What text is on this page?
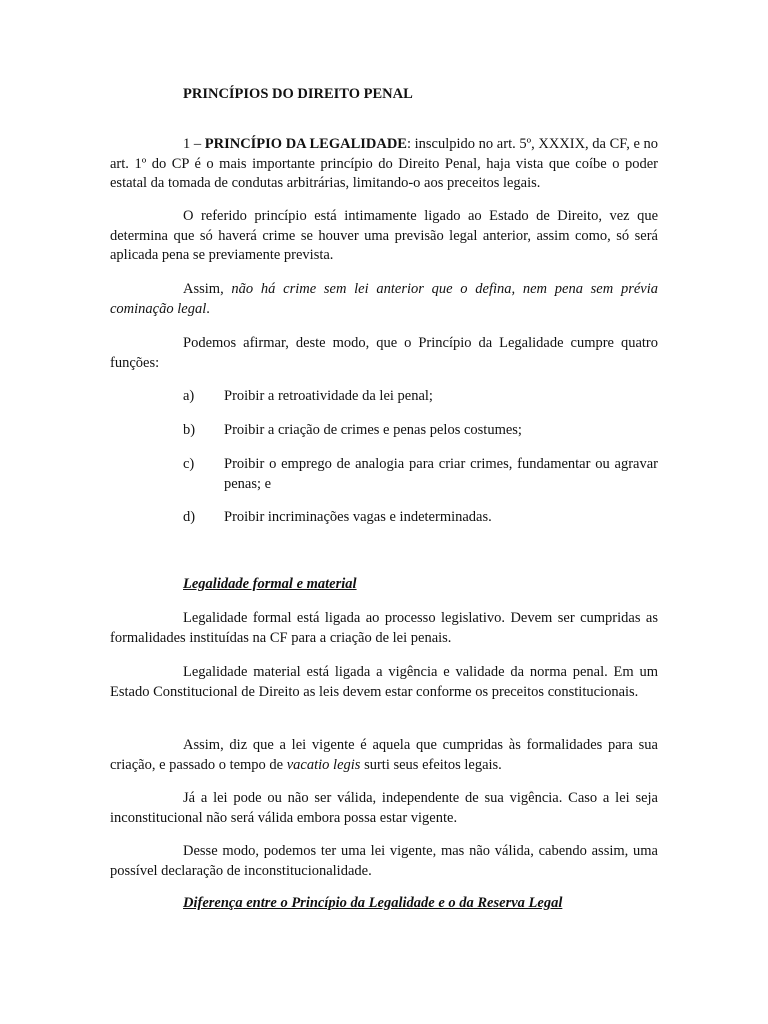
PRINCÍPIOS DO DIREITO PENAL

1 – PRINCÍPIO DA LEGALIDADE: insculpido no art. 5º, XXXIX, da CF, e no art. 1º do CP é o mais importante princípio do Direito Penal, haja vista que coíbe o poder estatal da tomada de condutas arbitrárias, limitando-o aos preceitos legais.

O referido princípio está intimamente ligado ao Estado de Direito, vez que determina que só haverá crime se houver uma previsão legal anterior, assim como, só será aplicada pena se previamente prevista.

Assim, não há crime sem lei anterior que o defina, nem pena sem prévia cominação legal.

Podemos afirmar, deste modo, que o Princípio da Legalidade cumpre quatro funções:

a) Proibir a retroatividade da lei penal;
b) Proibir a criação de crimes e penas pelos costumes;
c) Proibir o emprego de analogia para criar crimes, fundamentar ou agravar penas; e
d) Proibir incriminações vagas e indeterminadas.

Legalidade formal e material

Legalidade formal está ligada ao processo legislativo. Devem ser cumpridas as formalidades instituídas na CF para a criação de lei penais.

Legalidade material está ligada a vigência e validade da norma penal. Em um Estado Constitucional de Direito as leis devem estar conforme os preceitos constitucionais.

Assim, diz que a lei vigente é aquela que cumpridas às formalidades para sua criação, e passado o tempo de vacatio legis surti seus efeitos legais.

Já a lei pode ou não ser válida, independente de sua vigência. Caso a lei seja inconstitucional não será válida embora possa estar vigente.

Desse modo, podemos ter uma lei vigente, mas não válida, cabendo assim, uma possível declaração de inconstitucionalidade.

Diferença entre o Princípio da Legalidade e o da Reserva Legal
